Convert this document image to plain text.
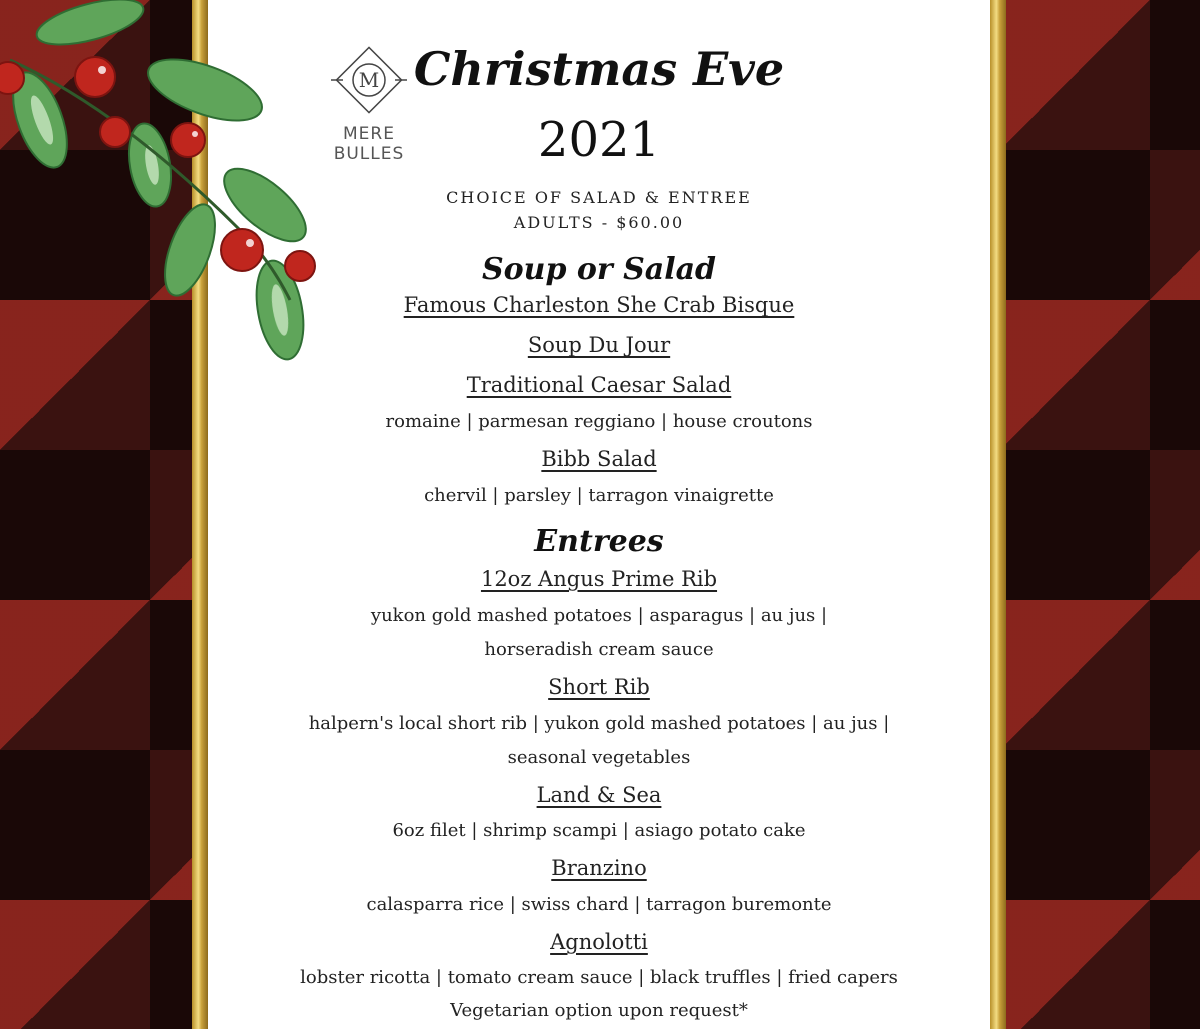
M
MERE BULLES
Christmas Eve
2021
CHOICE OF SALAD & ENTREE
ADULTS - $60.00
Soup or Salad
Famous Charleston She Crab Bisque
Soup Du Jour
Traditional Caesar Salad
romaine | parmesan reggiano | house croutons
Bibb Salad
chervil | parsley | tarragon vinaigrette
Entrees
12oz Angus Prime Rib
yukon gold mashed potatoes | asparagus | au jus |
horseradish cream sauce
Short Rib
halpern's local short rib | yukon gold mashed potatoes | au jus |
seasonal vegetables
Land & Sea
6oz filet | shrimp scampi | asiago potato cake
Branzino
calasparra rice | swiss chard | tarragon buremonte
Agnolotti
lobster ricotta | tomato cream sauce | black truffles | fried capers
Vegetarian option upon request*
